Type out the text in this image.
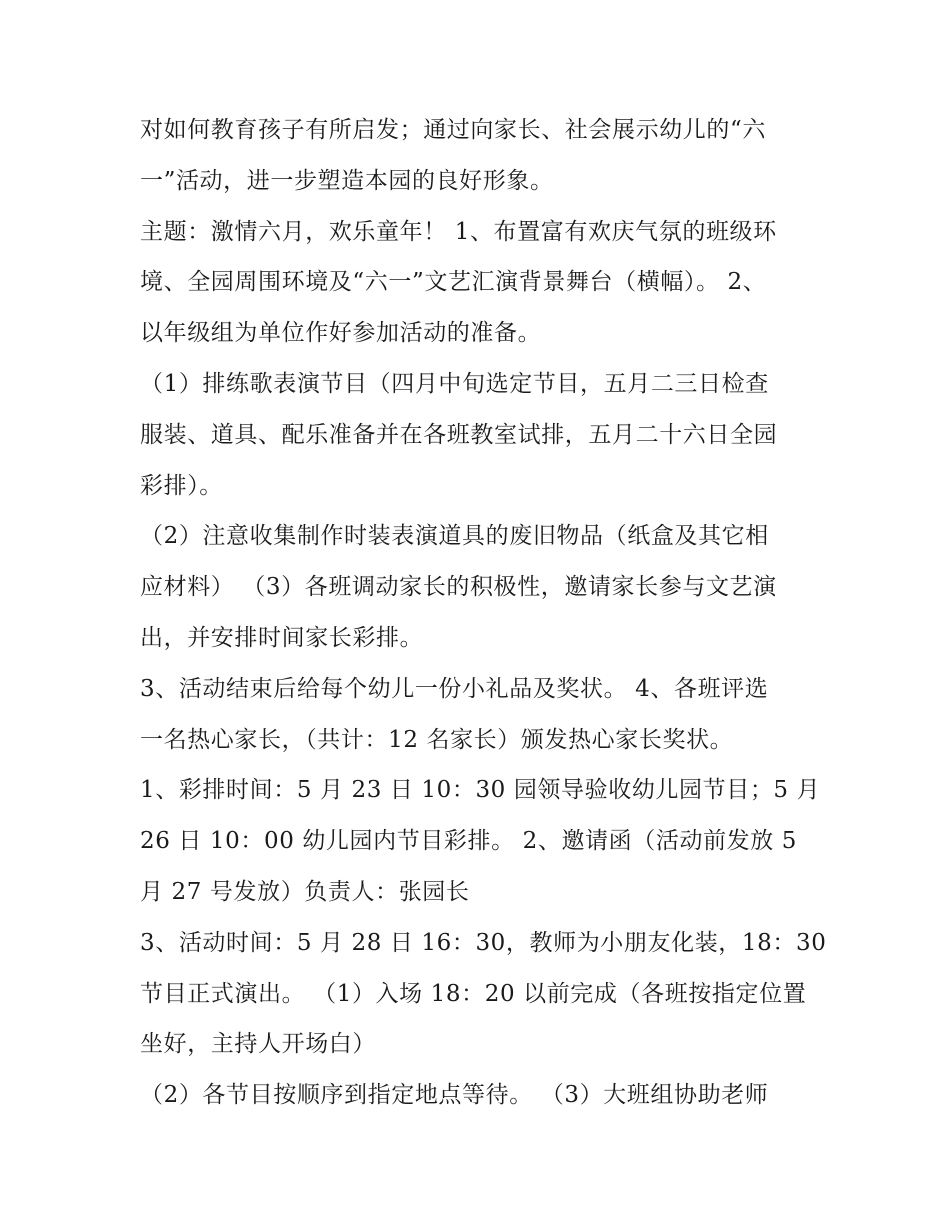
对如何教育孩子有所启发；通过向家长、社会展示幼儿的“六
一”活动，进一步塑造本园的良好形象。
主题：激情六月，欢乐童年！ 1、布置富有欢庆气氛的班级环
境、全园周围环境及“六一”文艺汇演背景舞台（横幅）。 2、
以年级组为单位作好参加活动的准备。
（1）排练歌表演节目（四月中旬选定节目，五月二三日检查
服装、道具、配乐准备并在各班教室试排，五月二十六日全园
彩排）。
（2）注意收集制作时装表演道具的废旧物品（纸盒及其它相
应材料） （3）各班调动家长的积极性，邀请家长参与文艺演
出，并安排时间家长彩排。
3、活动结束后给每个幼儿一份小礼品及奖状。 4、各班评选
一名热心家长，（共计：12 名家长）颁发热心家长奖状。
1、彩排时间：5 月 23 日 10：30 园领导验收幼儿园节目；5 月
26 日 10：00 幼儿园内节目彩排。 2、邀请函（活动前发放 5
月 27 号发放）负责人：张园长
3、活动时间：5 月 28 日 16：30，教师为小朋友化装，18：30
节目正式演出。 （1）入场 18：20 以前完成（各班按指定位置
坐好，主持人开场白）
（2）各节目按顺序到指定地点等待。 （3）大班组协助老师
